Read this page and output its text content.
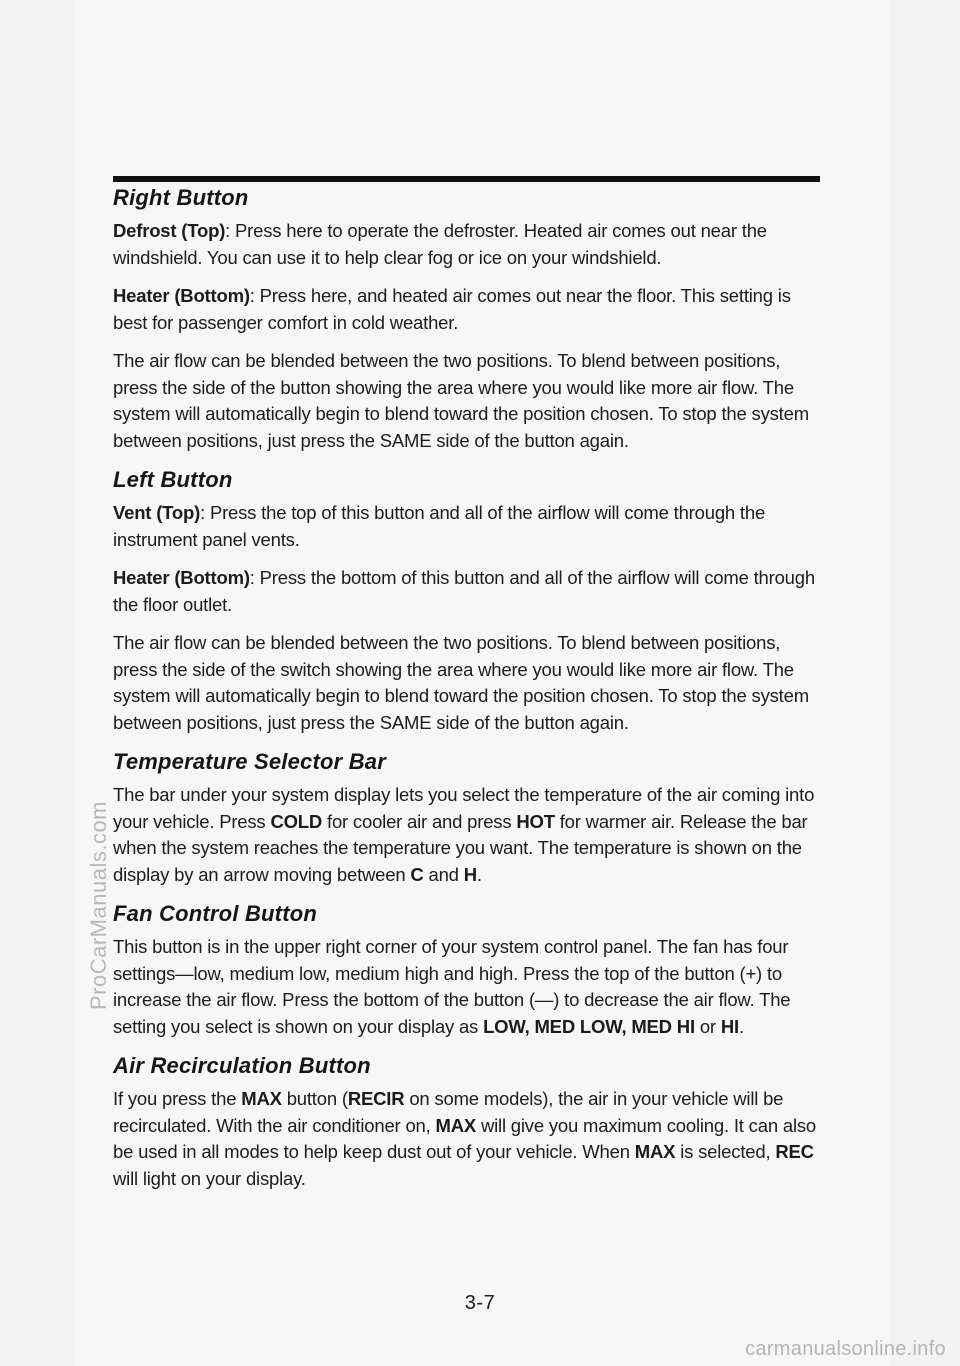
Right Button

Defrost (Top): Press here to operate the defroster. Heated air comes out near the windshield. You can use it to help clear fog or ice on your windshield.

Heater (Bottom): Press here, and heated air comes out near the floor. This setting is best for passenger comfort in cold weather.

The air flow can be blended between the two positions. To blend between positions, press the side of the button showing the area where you would like more air flow. The system will automatically begin to blend toward the position chosen. To stop the system between positions, just press the SAME side of the button again.

Left Button

Vent (Top): Press the top of this button and all of the airflow will come through the instrument panel vents.

Heater (Bottom): Press the bottom of this button and all of the airflow will come through the floor outlet.

The air flow can be blended between the two positions. To blend between positions, press the side of the switch showing the area where you would like more air flow. The system will automatically begin to blend toward the position chosen. To stop the system between positions, just press the SAME side of the button again.

Temperature Selector Bar

The bar under your system display lets you select the temperature of the air coming into your vehicle. Press COLD for cooler air and press HOT for warmer air. Release the bar when the system reaches the temperature you want. The temperature is shown on the display by an arrow moving between C and H.

Fan Control Button

This button is in the upper right corner of your system control panel. The fan has four settings—low, medium low, medium high and high. Press the top of the button (+) to increase the air flow. Press the bottom of the button (—) to decrease the air flow. The setting you select is shown on your display as LOW, MED LOW, MED HI or HI.

Air Recirculation Button

If you press the MAX button (RECIR on some models), the air in your vehicle will be recirculated. With the air conditioner on, MAX will give you maximum cooling. It can also be used in all modes to help keep dust out of your vehicle. When MAX is selected, REC will light on your display.

3-7
ProCarManuals.com
carmanualsonline.info
